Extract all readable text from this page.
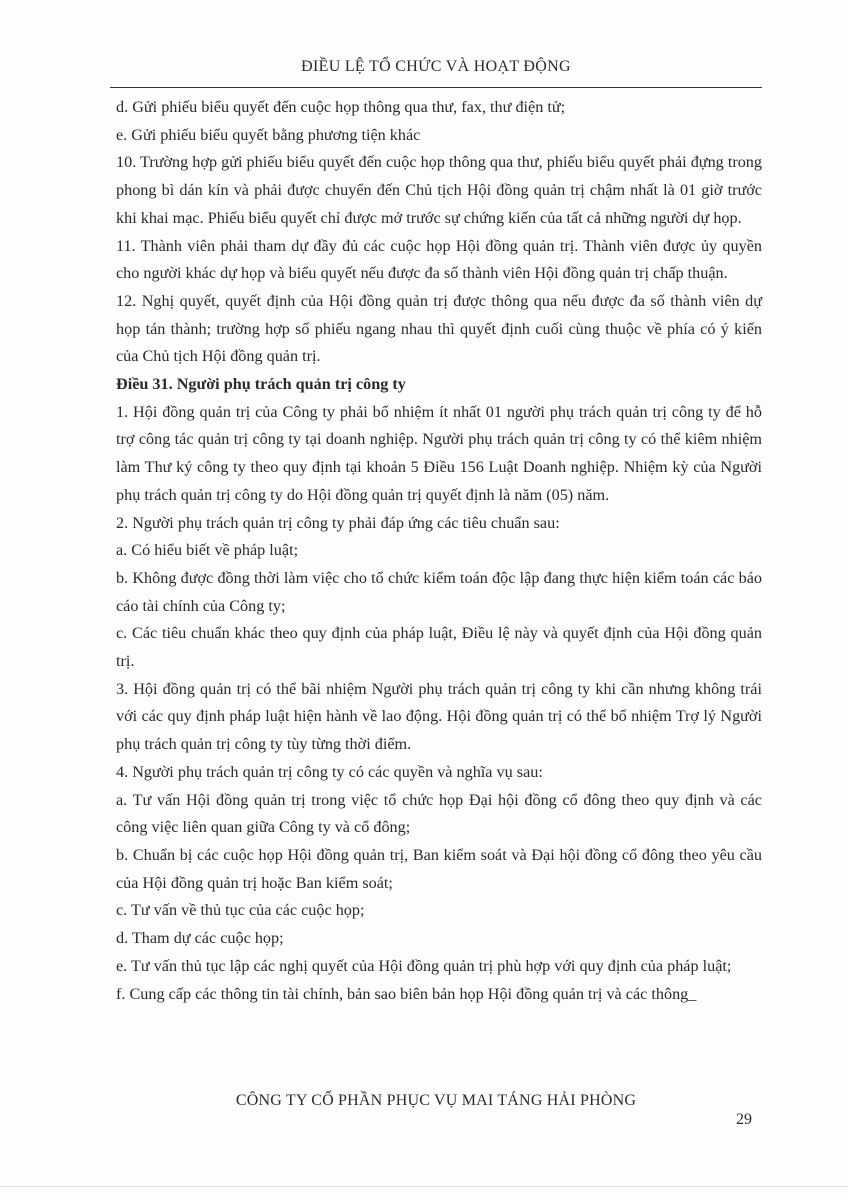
ĐIỀU LỆ TỔ CHỨC VÀ HOẠT ĐỘNG

d. Gửi phiếu biểu quyết đến cuộc họp thông qua thư, fax, thư điện tử;

e. Gửi phiếu biểu quyết bằng phương tiện khác

10. Trường hợp gửi phiếu biểu quyết đến cuộc họp thông qua thư, phiếu biểu quyết phải đựng trong phong bì dán kín và phải được chuyển đến Chủ tịch Hội đồng quản trị chậm nhất là 01 giờ trước khi khai mạc. Phiếu biểu quyết chỉ được mở trước sự chứng kiến của tất cả những người dự họp.

11. Thành viên phải tham dự đầy đủ các cuộc họp Hội đồng quản trị. Thành viên được ủy quyền cho người khác dự họp và biểu quyết nếu được đa số thành viên Hội đồng quản trị chấp thuận.

12. Nghị quyết, quyết định của Hội đồng quản trị được thông qua nếu được đa số thành viên dự họp tán thành; trường hợp số phiếu ngang nhau thì quyết định cuối cùng thuộc về phía có ý kiến của Chủ tịch Hội đồng quản trị.

Điều 31. Người phụ trách quản trị công ty

1. Hội đồng quản trị của Công ty phải bổ nhiệm ít nhất 01 người phụ trách quản trị công ty để hỗ trợ công tác quản trị công ty tại doanh nghiệp. Người phụ trách quản trị công ty có thể kiêm nhiệm làm Thư ký công ty theo quy định tại khoản 5 Điều 156 Luật Doanh nghiệp. Nhiệm kỳ của Người phụ trách quản trị công ty do Hội đồng quản trị quyết định là năm (05) năm.

2. Người phụ trách quản trị công ty phải đáp ứng các tiêu chuẩn sau:

a. Có hiểu biết về pháp luật;

b. Không được đồng thời làm việc cho tổ chức kiểm toán độc lập đang thực hiện kiểm toán các báo cáo tài chính của Công ty;

c. Các tiêu chuẩn khác theo quy định của pháp luật, Điều lệ này và quyết định của Hội đồng quản trị.

3. Hội đồng quản trị có thể bãi nhiệm Người phụ trách quản trị công ty khi cần nhưng không trái với các quy định pháp luật hiện hành về lao động. Hội đồng quản trị có thể bổ nhiệm Trợ lý Người phụ trách quản trị công ty tùy từng thời điểm.

4. Người phụ trách quản trị công ty có các quyền và nghĩa vụ sau:

a. Tư vấn Hội đồng quản trị trong việc tổ chức họp Đại hội đồng cổ đông theo quy định và các công việc liên quan giữa Công ty và cổ đông;

b. Chuẩn bị các cuộc họp Hội đồng quản trị, Ban kiểm soát và Đại hội đồng cổ đông theo yêu cầu của Hội đồng quản trị hoặc Ban kiểm soát;

c. Tư vấn về thủ tục của các cuộc họp;

d. Tham dự các cuộc họp;

e. Tư vấn thủ tục lập các nghị quyết của Hội đồng quản trị phù hợp với quy định của pháp luật;

f. Cung cấp các thông tin tài chính, bản sao biên bản họp Hội đồng quản trị và các thông_

CÔNG TY CỔ PHẦN PHỤC VỤ MAI TÁNG HẢI PHÒNG
29
